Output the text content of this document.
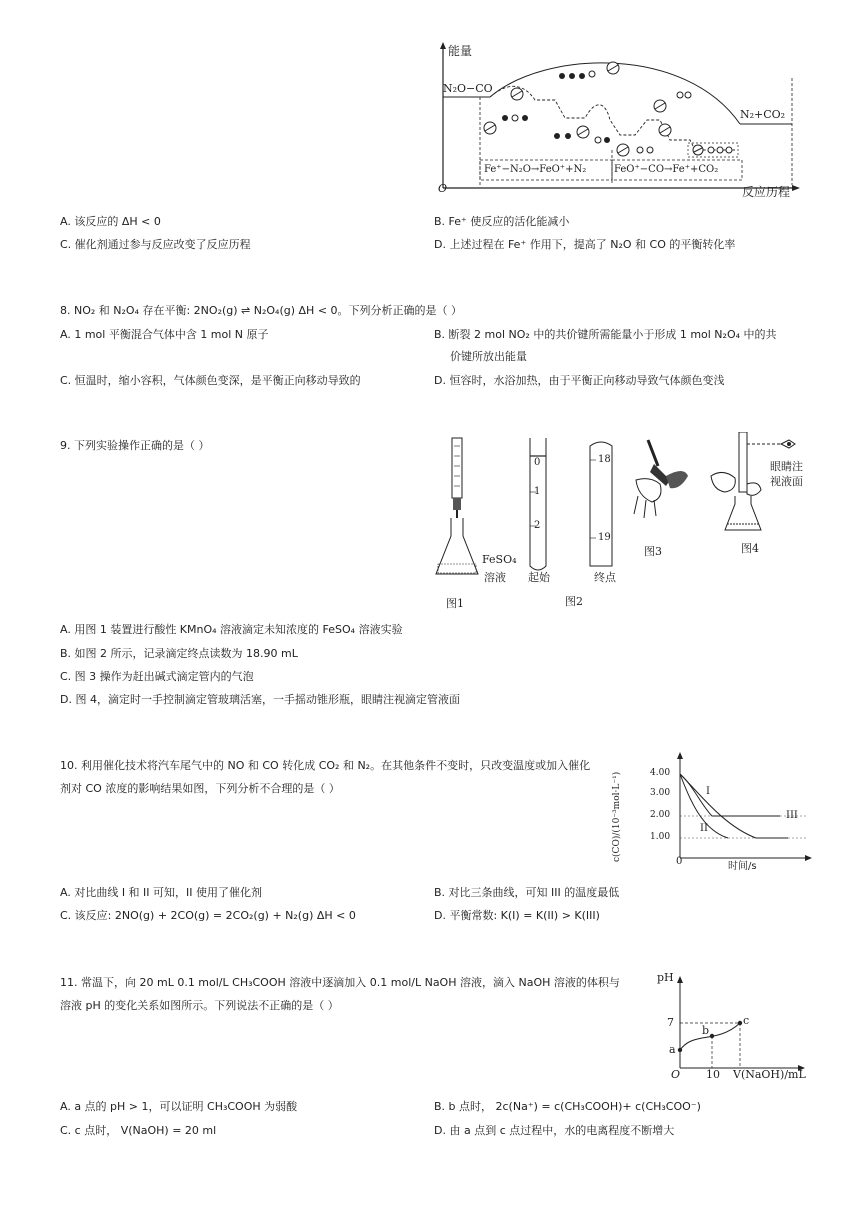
能量
N₂O−CO
N₂+CO₂
Fe⁺−N₂O→FeO⁺+N₂	FeO⁺−CO→Fe⁺+CO₂
O	反应历程
A. 该反应的 ΔH < 0	B. Fe⁺ 使反应的活化能减小
C. 催化剂通过参与反应改变了反应历程	D. 上述过程在 Fe⁺ 作用下，提高了 N₂O 和 CO 的平衡转化率
8. NO₂ 和 N₂O₄ 存在平衡: 2NO₂(g) ⇌ N₂O₄(g) ΔH < 0。下列分析正确的是（ ）
A. 1 mol 平衡混合气体中含 1 mol N 原子	B. 断裂 2 mol NO₂ 中的共价键所需能量小于形成 1 mol N₂O₄ 中的共
价键所放出能量
C. 恒温时，缩小容积，气体颜色变深，是平衡正向移动导致的	D. 恒容时，水浴加热，由于平衡正向移动导致气体颜色变浅
9. 下列实验操作正确的是（ ）
FeSO₄
溶液
图1
0
1
2
18
19
起始	终点
图2
图3
眼睛注
视液面
图4
A. 用图 1 装置进行酸性 KMnO₄ 溶液滴定未知浓度的 FeSO₄ 溶液实验
B. 如图 2 所示，记录滴定终点读数为 18.90 mL
C. 图 3 操作为赶出碱式滴定管内的气泡
D. 图 4，滴定时一手控制滴定管玻璃活塞，一手摇动锥形瓶，眼睛注视滴定管液面
10. 利用催化技术将汽车尾气中的 NO 和 CO 转化成 CO₂ 和 N₂。在其他条件不变时，只改变温度或加入催化
剂对 CO 浓度的影响结果如图，下列分析不合理的是（ ）	c(CO)/(10⁻³mol·L⁻¹)	4.00
3.00
2.00
1.00
I
II
III
0	时间/s
A. 对比曲线 I 和 II 可知，II 使用了催化剂	B. 对比三条曲线，可知 III 的温度最低
C. 该反应: 2NO(g) + 2CO(g) = 2CO₂(g) + N₂(g) ΔH < 0	D. 平衡常数: K(I) = K(II) > K(III)
11. 常温下，向 20 mL 0.1 mol/L CH₃COOH 溶液中逐滴加入 0.1 mol/L NaOH 溶液，滴入 NaOH 溶液的体积与
溶液 pH 的变化关系如图所示。下列说法不正确的是（ ）
pH
7
a
b
c
O 10 V(NaOH)/mL
A. a 点的 pH > 1，可以证明 CH₃COOH 为弱酸	B. b 点时， 2c(Na⁺) = c(CH₃COOH)+ c(CH₃COO⁻)
C. c 点时， V(NaOH) = 20 ml	D. 由 a 点到 c 点过程中，水的电离程度不断增大
